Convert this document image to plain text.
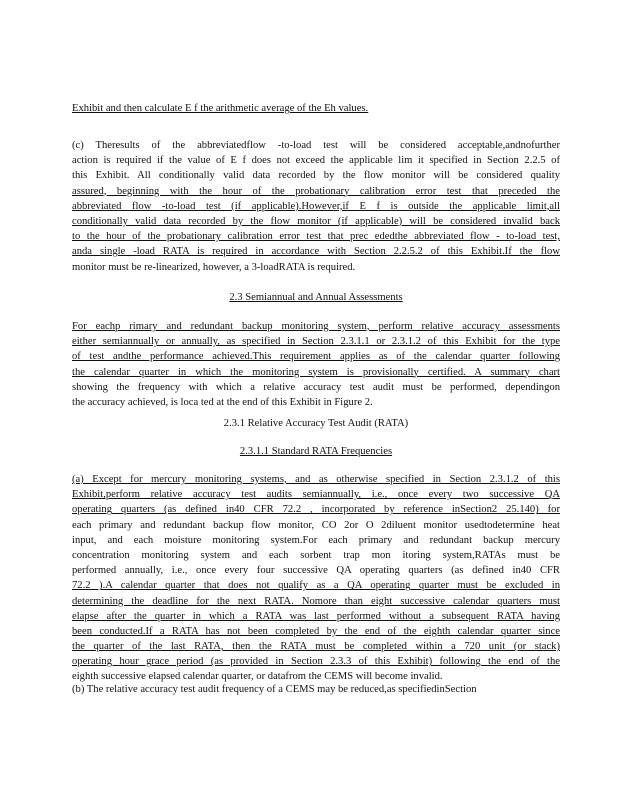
Exhibit and then calculate E f the arithmetic average of the Eh values.
(c) Theresults of the abbreviatedflow -to-load test will be considered acceptable,andnofurther
action is required if the value of E f does not exceed the applicable lim it specified in Section 2.2.5 of
this Exhibit. All conditionally valid data recorded by the flow monitor will be considered quality
assured, beginning with the hour of the probationary calibration error test that preceded the
abbreviated flow -to-load test (if applicable).However,if E f is outside the applicable limit,all
conditionally valid data recorded by the flow monitor (if applicable) will be considered invalid back
to the hour of the probationary calibration error test that prec ededthe abbreviated flow - to-load test,
anda single -load RATA is required in accordance with Section 2.2.5.2 of this Exhibit.If the flow
monitor must be re-linearized, however, a 3-loadRATA is required.
2.3 Semiannual and Annual Assessments
For eachp rimary and redundant backup monitoring system, perform relative accuracy assessments
either semiannually or annually, as specified in Section 2.3.1.1 or 2.3.1.2 of this Exhibit for the type
of test andthe performance achieved.This requirement applies as of the calendar quarter following
the calendar quarter in which the monitoring system is provisionally certified. A summary chart
showing the frequency with which a relative accuracy test audit must be performed, dependingon
the accuracy achieved, is loca ted at the end of this Exhibit in Figure 2.
2.3.1 Relative Accuracy Test Audit (RATA)
2.3.1.1 Standard RATA Frequencies
(a) Except for mercury monitoring systems, and as otherwise specified in Section 2.3.1.2 of this
Exhibit,perform relative accuracy test audits semiannually, i.e., once every two successive QA
operating quarters (as defined in40 CFR 72.2 , incorporated by reference inSection2 25.140) for
each primary and redundant backup flow monitor, CO 2or O 2diluent monitor usedtodetermine heat
input, and each moisture monitoring system.For each primary and redundant backup mercury
concentration monitoring system and each sorbent trap mon itoring system,RATAs must be
performed annually, i.e., once every four successive QA operating quarters (as defined in40 CFR
72.2 ).A calendar quarter that does not qualify as a QA operating quarter must be excluded in
determining the deadline for the next RATA. Nomore than eight successive calendar quarters must
elapse after the quarter in which a RATA was last performed without a subsequent RATA having
been conducted.If a RATA has not been completed by the end of the eighth calendar quarter since
the quarter of the last RATA, then the RATA must be completed within a 720 unit (or stack)
operating hour grace period (as provided in Section 2.3.3 of this Exhibit) following the end of the
eighth successive elapsed calendar quarter, or datafrom the CEMS will become invalid.
(b) The relative accuracy test audit frequency of a CEMS may be reduced,as specifiedinSection
